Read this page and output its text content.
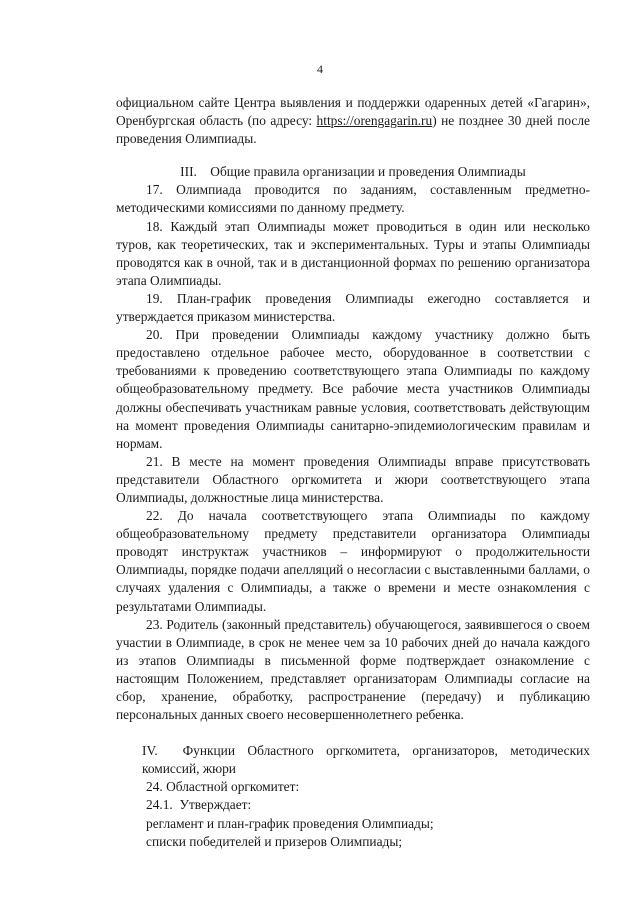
4

официальном сайте Центра выявления и поддержки одаренных детей «Гагарин», Оренбургская область (по адресу: https://orengagarin.ru) не позднее 30 дней после проведения Олимпиады.

III.    Общие правила организации и проведения Олимпиады

17. Олимпиада проводится по заданиям, составленным предметно-методическими комиссиями по данному предмету.

18. Каждый этап Олимпиады может проводиться в один или несколько туров, как теоретических, так и экспериментальных. Туры и этапы Олимпиады проводятся как в очной, так и в дистанционной формах по решению организатора этапа Олимпиады.

19. План-график проведения Олимпиады ежегодно составляется и утверждается приказом министерства.

20. При проведении Олимпиады каждому участнику должно быть предоставлено отдельное рабочее место, оборудованное в соответствии с требованиями к проведению соответствующего этапа Олимпиады по каждому общеобразовательному предмету. Все рабочие места участников Олимпиады должны обеспечивать участникам равные условия, соответствовать действующим на момент проведения Олимпиады санитарно-эпидемиологическим правилам и нормам.

21. В месте на момент проведения Олимпиады вправе присутствовать представители Областного оргкомитета и жюри соответствующего этапа Олимпиады, должностные лица министерства.

22. До начала соответствующего этапа Олимпиады по каждому общеобразовательному предмету представители организатора Олимпиады проводят инструктаж участников – информируют о продолжительности Олимпиады, порядке подачи апелляций о несогласии с выставленными баллами, о случаях удаления с Олимпиады, а также о времени и месте ознакомления с результатами Олимпиады.

23. Родитель (законный представитель) обучающегося, заявившегося о своем участии в Олимпиаде, в срок не менее чем за 10 рабочих дней до начала каждого из этапов Олимпиады в письменной форме подтверждает ознакомление с настоящим Положением, представляет организаторам Олимпиады согласие на сбор, хранение, обработку, распространение (передачу) и публикацию персональных данных своего несовершеннолетнего ребенка.

IV.  Функции Областного оргкомитета, организаторов, методических комиссий, жюри

24. Областной оргкомитет:

24.1.  Утверждает:

регламент и план-график проведения Олимпиады;

списки победителей и призеров Олимпиады;
